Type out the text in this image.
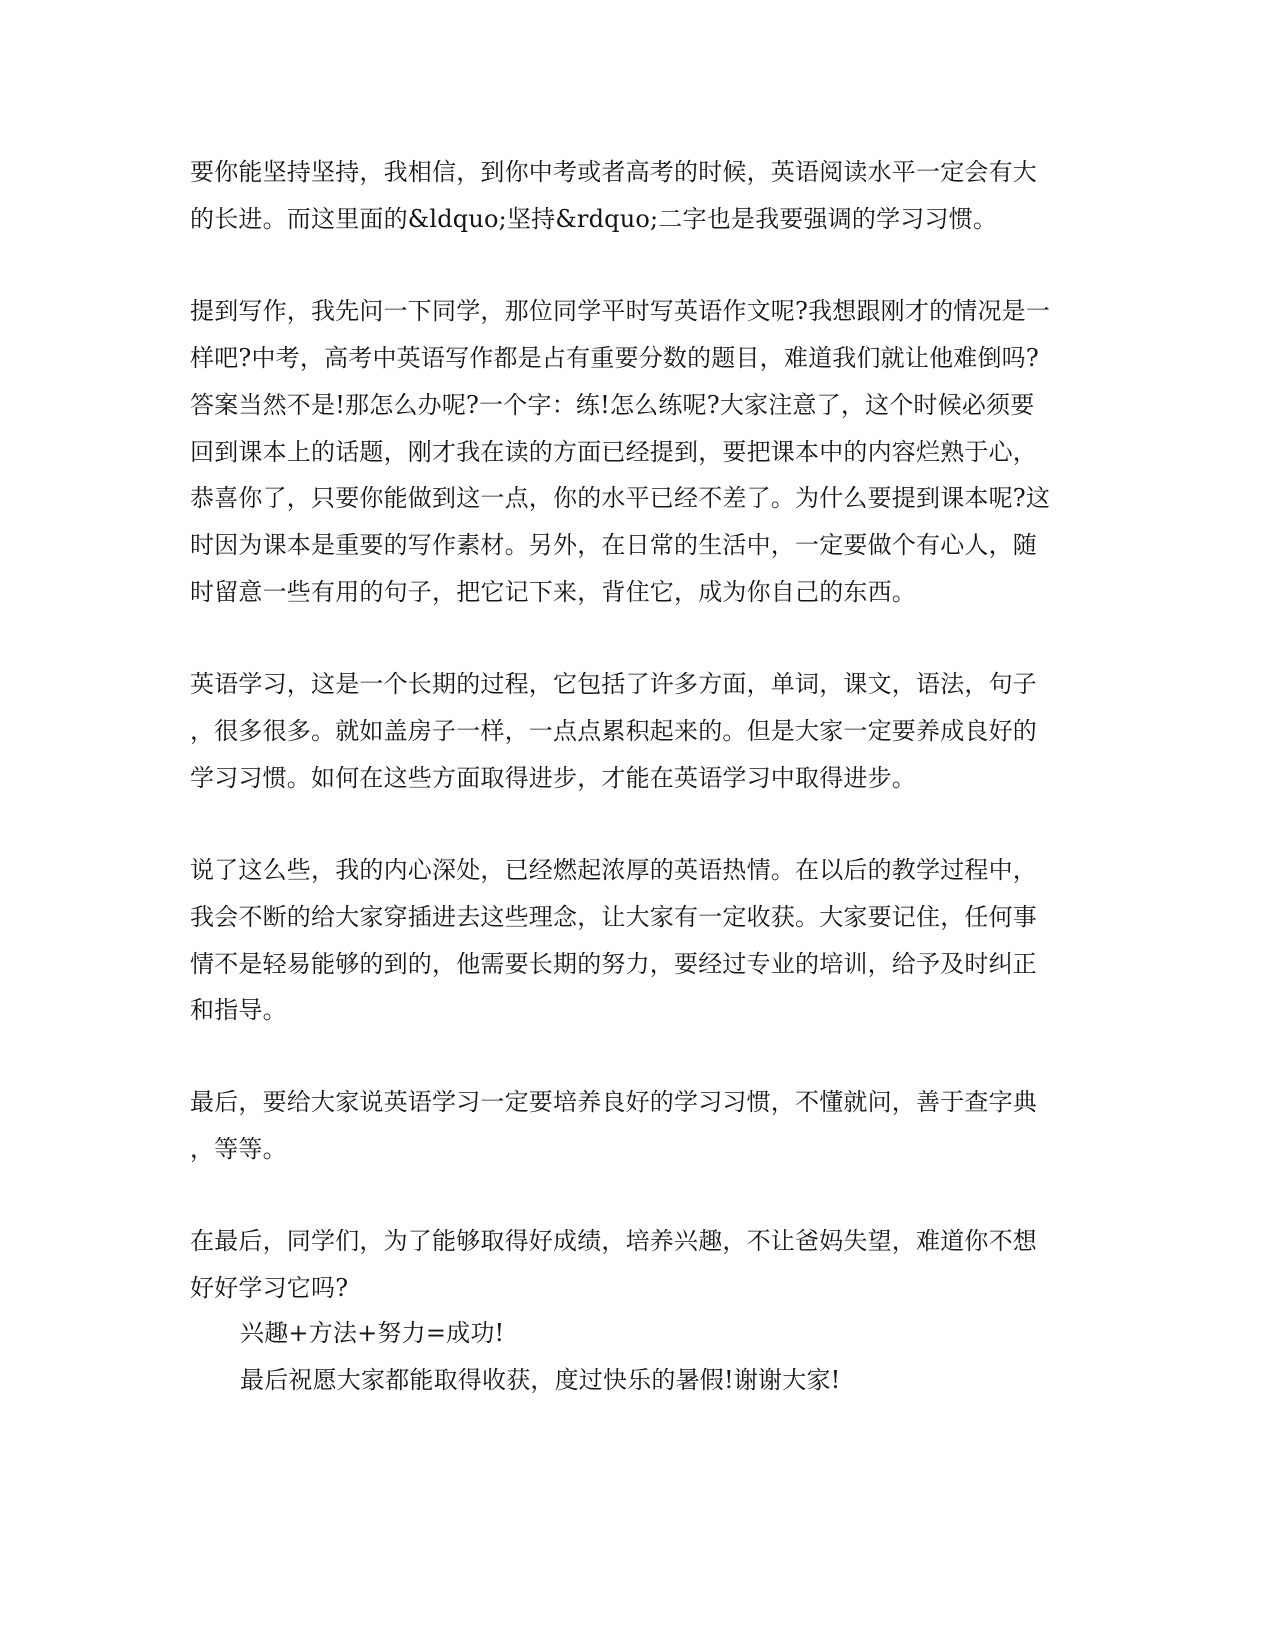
要你能坚持坚持，我相信，到你中考或者高考的时候，英语阅读水平一定会有大
的长进。而这里面的&ldquo;坚持&rdquo;二字也是我要强调的学习习惯。
提到写作，我先问一下同学，那位同学平时写英语作文呢?我想跟刚才的情况是一
样吧?中考，高考中英语写作都是占有重要分数的题目，难道我们就让他难倒吗?
答案当然不是!那怎么办呢?一个字：练!怎么练呢?大家注意了，这个时候必须要
回到课本上的话题，刚才我在读的方面已经提到，要把课本中的内容烂熟于心，
恭喜你了，只要你能做到这一点，你的水平已经不差了。为什么要提到课本呢?这
时因为课本是重要的写作素材。另外，在日常的生活中，一定要做个有心人，随
时留意一些有用的句子，把它记下来，背住它，成为你自己的东西。
英语学习，这是一个长期的过程，它包括了许多方面，单词，课文，语法，句子
，很多很多。就如盖房子一样，一点点累积起来的。但是大家一定要养成良好的
学习习惯。如何在这些方面取得进步，才能在英语学习中取得进步。
说了这么些，我的内心深处，已经燃起浓厚的英语热情。在以后的教学过程中，
我会不断的给大家穿插进去这些理念，让大家有一定收获。大家要记住，任何事
情不是轻易能够的到的，他需要长期的努力，要经过专业的培训，给予及时纠正
和指导。
最后，要给大家说英语学习一定要培养良好的学习习惯，不懂就问，善于查字典
，等等。
在最后，同学们，为了能够取得好成绩，培养兴趣，不让爸妈失望，难道你不想
好好学习它吗?
兴趣+方法+努力=成功!
最后祝愿大家都能取得收获，度过快乐的暑假!谢谢大家!
